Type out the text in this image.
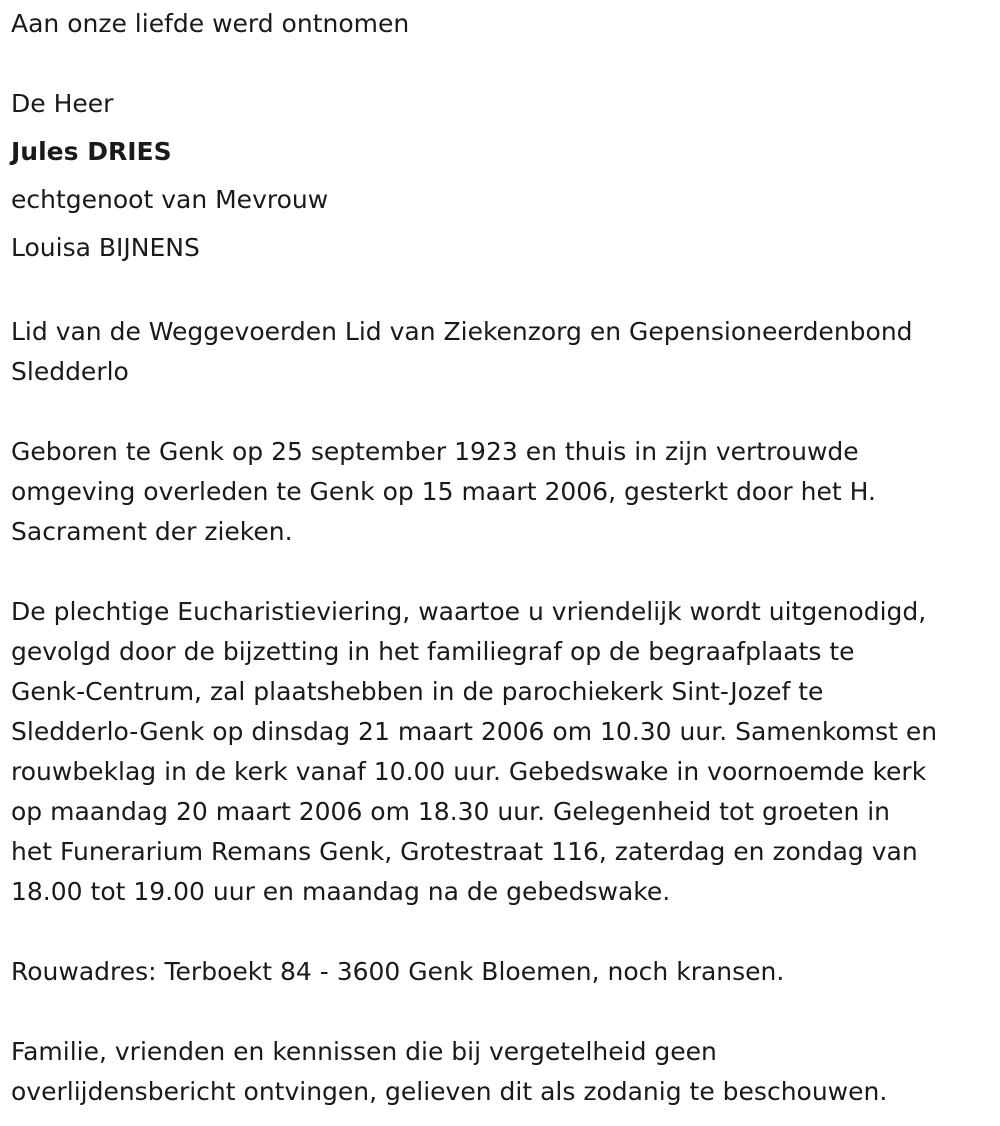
Aan onze liefde werd ontnomen

De Heer

Jules DRIES

echtgenoot van Mevrouw

Louisa BIJNENS

Lid van de Weggevoerden Lid van Ziekenzorg en Gepensioneerdenbond
Sledderlo

Geboren te Genk op 25 september 1923 en thuis in zijn vertrouwde
omgeving overleden te Genk op 15 maart 2006, gesterkt door het H.
Sacrament der zieken.

De plechtige Eucharistieviering, waartoe u vriendelijk wordt uitgenodigd,
gevolgd door de bijzetting in het familiegraf op de begraafplaats te
Genk-Centrum, zal plaatshebben in de parochiekerk Sint-Jozef te
Sledderlo-Genk op dinsdag 21 maart 2006 om 10.30 uur. Samenkomst en
rouwbeklag in de kerk vanaf 10.00 uur. Gebedswake in voornoemde kerk
op maandag 20 maart 2006 om 18.30 uur. Gelegenheid tot groeten in
het Funerarium Remans Genk, Grotestraat 116, zaterdag en zondag van
18.00 tot 19.00 uur en maandag na de gebedswake.

Rouwadres: Terboekt 84 - 3600 Genk Bloemen, noch kransen.

Familie, vrienden en kennissen die bij vergetelheid geen
overlijdensbericht ontvingen, gelieven dit als zodanig te beschouwen.
